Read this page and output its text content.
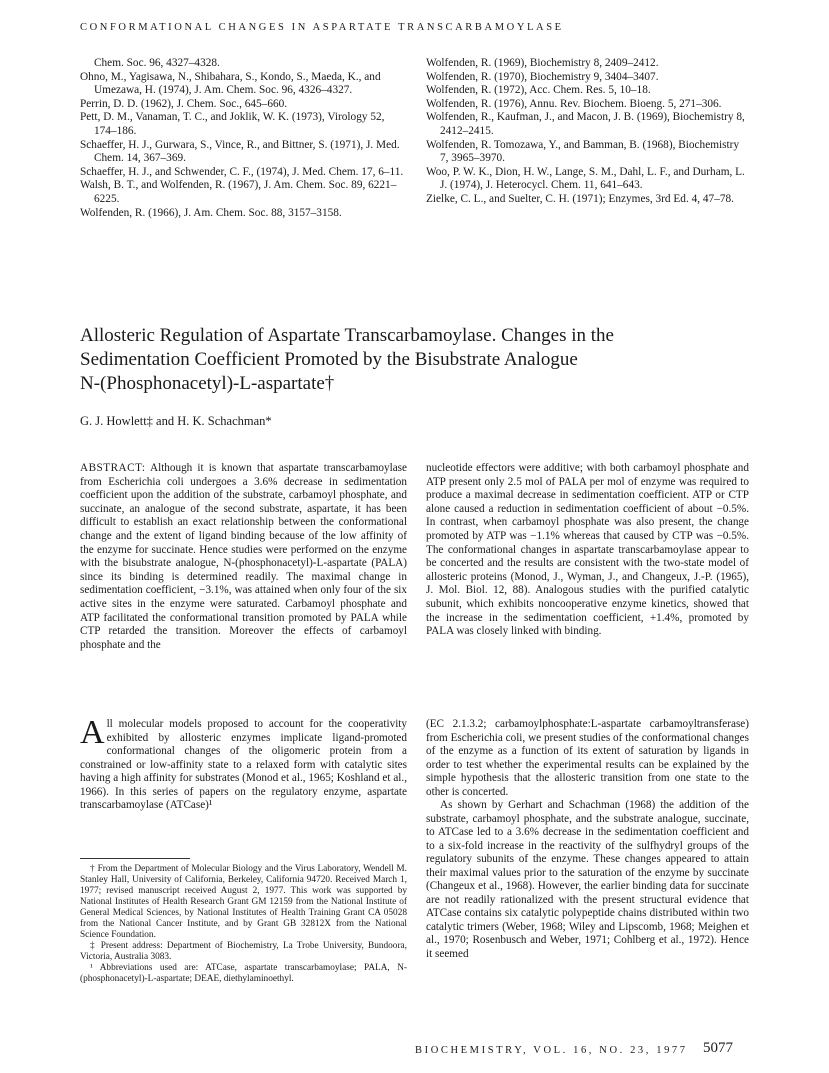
CONFORMATIONAL CHANGES IN ASPARTATE TRANSCARBAMOYLASE
Chem. Soc. 96, 4327–4328.
Ohno, M., Yagisawa, N., Shibahara, S., Kondo, S., Maeda, K., and Umezawa, H. (1974), J. Am. Chem. Soc. 96, 4326–4327.
Perrin, D. D. (1962), J. Chem. Soc., 645–660.
Pett, D. M., Vanaman, T. C., and Joklik, W. K. (1973), Virology 52, 174–186.
Schaeffer, H. J., Gurwara, S., Vince, R., and Bittner, S. (1971), J. Med. Chem. 14, 367–369.
Schaeffer, H. J., and Schwender, C. F., (1974), J. Med. Chem. 17, 6–11.
Walsh, B. T., and Wolfenden, R. (1967), J. Am. Chem. Soc. 89, 6221–6225.
Wolfenden, R. (1966), J. Am. Chem. Soc. 88, 3157–3158.
Wolfenden, R. (1969), Biochemistry 8, 2409–2412.
Wolfenden, R. (1970), Biochemistry 9, 3404–3407.
Wolfenden, R. (1972), Acc. Chem. Res. 5, 10–18.
Wolfenden, R. (1976), Annu. Rev. Biochem. Bioeng. 5, 271–306.
Wolfenden, R., Kaufman, J., and Macon, J. B. (1969), Biochemistry 8, 2412–2415.
Wolfenden, R. Tomozawa, Y., and Bamman, B. (1968), Biochemistry 7, 3965–3970.
Woo, P. W. K., Dion, H. W., Lange, S. M., Dahl, L. F., and Durham, L. J. (1974), J. Heterocycl. Chem. 11, 641–643.
Zielke, C. L., and Suelter, C. H. (1971); Enzymes, 3rd Ed. 4, 47–78.
Allosteric Regulation of Aspartate Transcarbamoylase. Changes in the
Sedimentation Coefficient Promoted by the Bisubstrate Analogue
N-(Phosphonacetyl)-L-aspartate†
G. J. Howlett‡ and H. K. Schachman*
ABSTRACT: Although it is known that aspartate transcarbamoylase from Escherichia coli undergoes a 3.6% decrease in sedimentation coefficient upon the addition of the substrate, carbamoyl phosphate, and succinate, an analogue of the second substrate, aspartate, it has been difficult to establish an exact relationship between the conformational change and the extent of ligand binding because of the low affinity of the enzyme for succinate. Hence studies were performed on the enzyme with the bisubstrate analogue, N-(phosphonacetyl)-L-aspartate (PALA) since its binding is determined readily. The maximal change in sedimentation coefficient, −3.1%, was attained when only four of the six active sites in the enzyme were saturated. Carbamoyl phosphate and ATP facilitated the conformational transition promoted by PALA while CTP retarded the transition. Moreover the effects of carbamoyl phosphate and the
nucleotide effectors were additive; with both carbamoyl phosphate and ATP present only 2.5 mol of PALA per mol of enzyme was required to produce a maximal decrease in sedimentation coefficient. ATP or CTP alone caused a reduction in sedimentation coefficient of about −0.5%. In contrast, when carbamoyl phosphate was also present, the change promoted by ATP was −1.1% whereas that caused by CTP was −0.5%. The conformational changes in aspartate transcarbamoylase appear to be concerted and the results are consistent with the two-state model of allosteric proteins (Monod, J., Wyman, J., and Changeux, J.-P. (1965), J. Mol. Biol. 12, 88). Analogous studies with the purified catalytic subunit, which exhibits noncooperative enzyme kinetics, showed that the increase in the sedimentation coefficient, +1.4%, promoted by PALA was closely linked with binding.
All molecular models proposed to account for the cooperativity exhibited by allosteric enzymes implicate ligand-promoted conformational changes of the oligomeric protein from a constrained or low-affinity state to a relaxed form with catalytic sites having a high affinity for substrates (Monod et al., 1965; Koshland et al., 1966). In this series of papers on the regulatory enzyme, aspartate transcarbamoylase (ATCase)¹

† From the Department of Molecular Biology and the Virus Laboratory, Wendell M. Stanley Hall, University of California, Berkeley, California 94720. Received March 1, 1977; revised manuscript received August 2, 1977. This work was supported by National Institutes of Health Research Grant GM 12159 from the National Institute of General Medical Sciences, by National Institutes of Health Training Grant CA 05028 from the National Cancer Institute, and by Grant GB 32812X from the National Science Foundation.

‡ Present address: Department of Biochemistry, La Trobe University, Bundoora, Victoria, Australia 3083.

¹ Abbreviations used are: ATCase, aspartate transcarbamoylase; PALA, N-(phosphonacetyl)-L-aspartate; DEAE, diethylaminoethyl.

(EC 2.1.3.2; carbamoylphosphate:L-aspartate carbamoyltransferase) from Escherichia coli, we present studies of the conformational changes of the enzyme as a function of its extent of saturation by ligands in order to test whether the experimental results can be explained by the simple hypothesis that the allosteric transition from one state to the other is concerted.
As shown by Gerhart and Schachman (1968) the addition of the substrate, carbamoyl phosphate, and the substrate analogue, succinate, to ATCase led to a 3.6% decrease in the sedimentation coefficient and to a six-fold increase in the reactivity of the sulfhydryl groups of the regulatory subunits of the enzyme. These changes appeared to attain their maximal values prior to the saturation of the enzyme by succinate (Changeux et al., 1968). However, the earlier binding data for succinate are not readily rationalized with the present structural evidence that ATCase contains six catalytic polypeptide chains distributed within two catalytic trimers (Weber, 1968; Wiley and Lipscomb, 1968; Meighen et al., 1970; Rosenbusch and Weber, 1971; Cohlberg et al., 1972). Hence it seemed
BIOCHEMISTRY, VOL. 16, NO. 23, 1977 5077
